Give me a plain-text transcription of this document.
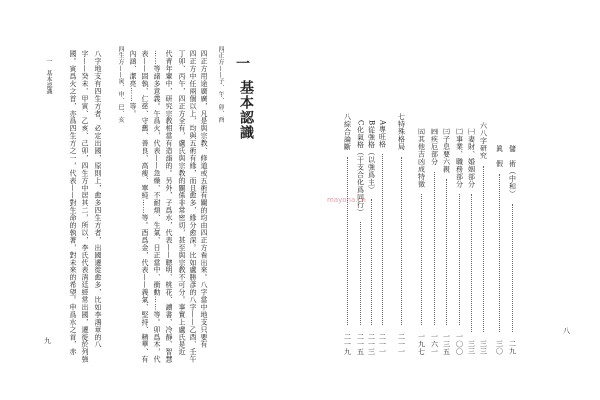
一
基本認識
四正方——子、午、卯、酉
四正方用途廣廣，凡是與宗教、修道或五術有關的均由四正方看出來。八字當中地支只要有
四正方中任兩個以上，均與五術有緣，而且愈多，緣分愈深。比如盧勝彥的八字——乙酉、壬午
丁卯、丙午，四正方全有，盧氏與宗教的關係非常密切，甚至與宗教不可分。事實上盧氏是近
代青年輩中，研究宗教相當有造詣的。另外，子爲水，代表——聰明、桃花、讀書、冷靜、智慧
……等諸多意義。午爲火，代表——急燥、不耐煩、生氣、日正當中、衝動……等。卯爲木，代
表——固執、仁慈、守舊、善良、高瘦、單純……等。酉爲金，代表——義氣、堅持、精華、有
內涵、潔亮……等。
四生方——寅、申、巳、亥
八字地支有四生方者，必定出國，原則上，愈多四生方者，出國遷徙愈多，比如李鴻章的八
字——癸未、甲寅、乙亥、己卯，四生方中居其二，所以，李氏代表清廷經常出國，遷徙於列強
國。寅爲火之首，亦爲四生方之一，代表——對生命的執著，對未來的希望。申爲水之首，赤
一　基本認識
九
mayona.cn
儲　術（中和）
二九
眞　假
三〇
六八字研究
三三
㈠妻財、婚姻部分
三三
㈡事業、職務部分
一〇〇
㈢子息要六親
一三五
㈣疾厄部分
一六一
㈤其他吉凶成特徵
一九七
七特殊格局
二一一
A專旺格
二一一
B從強格（以強爲主）
二一三
C化氣格（干支合化爲同行）
二一五
八綜合論斷
二一九
八
